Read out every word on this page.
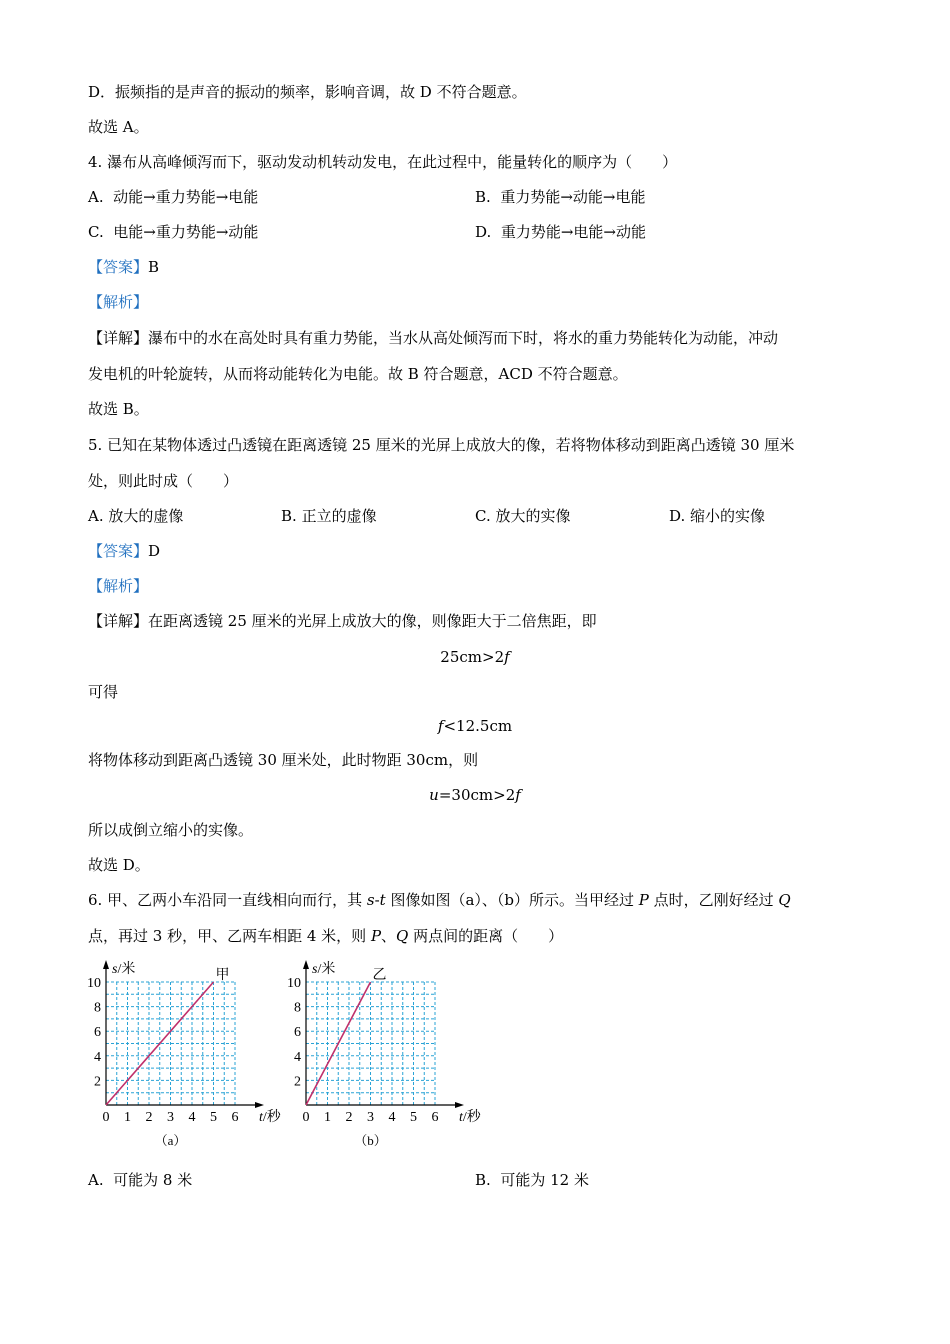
D．振频指的是声音的振动的频率，影响音调，故 D 不符合题意。
故选 A。
4. 瀑布从高峰倾泻而下，驱动发动机转动发电，在此过程中，能量转化的顺序为（　　）
A. 动能→重力势能→电能	B. 重力势能→动能→电能
C. 电能→重力势能→动能	D. 重力势能→电能→动能
【答案】B
【解析】
【详解】瀑布中的水在高处时具有重力势能，当水从高处倾泻而下时，将水的重力势能转化为动能，冲动
发电机的叶轮旋转，从而将动能转化为电能。故 B 符合题意，ACD 不符合题意。
故选 B。
5. 已知在某物体透过凸透镜在距离透镜 25 厘米的光屏上成放大的像，若将物体移动到距离凸透镜 30 厘米
处，则此时成（　　）
A. 放大的虚像	B. 正立的虚像	C. 放大的实像	D. 缩小的实像
【答案】D
【解析】
【详解】在距离透镜 25 厘米的光屏上成放大的像，则像距大于二倍焦距，即
25cm>2f
可得
f<12.5cm
将物体移动到距离凸透镜 30 厘米处，此时物距 30cm，则
u=30cm>2f
所以成倒立缩小的实像。
故选 D。
6. 甲、乙两小车沿同一直线相向而行，其 s-t 图像如图（a）、（b）所示。当甲经过 P 点时，乙刚好经过 Q
点，再过 3 秒，甲、乙两车相距 4 米，则 P、Q 两点间的距离（　　）
0 1 2 3 4 5 6
2
4
6
8
10
s/米
t/秒
甲
（a）
0 1 2 3 4 5 6
2
4
6
8
10
s/米
t/秒
乙
（b）
A. 可能为 8 米	B. 可能为 12 米
